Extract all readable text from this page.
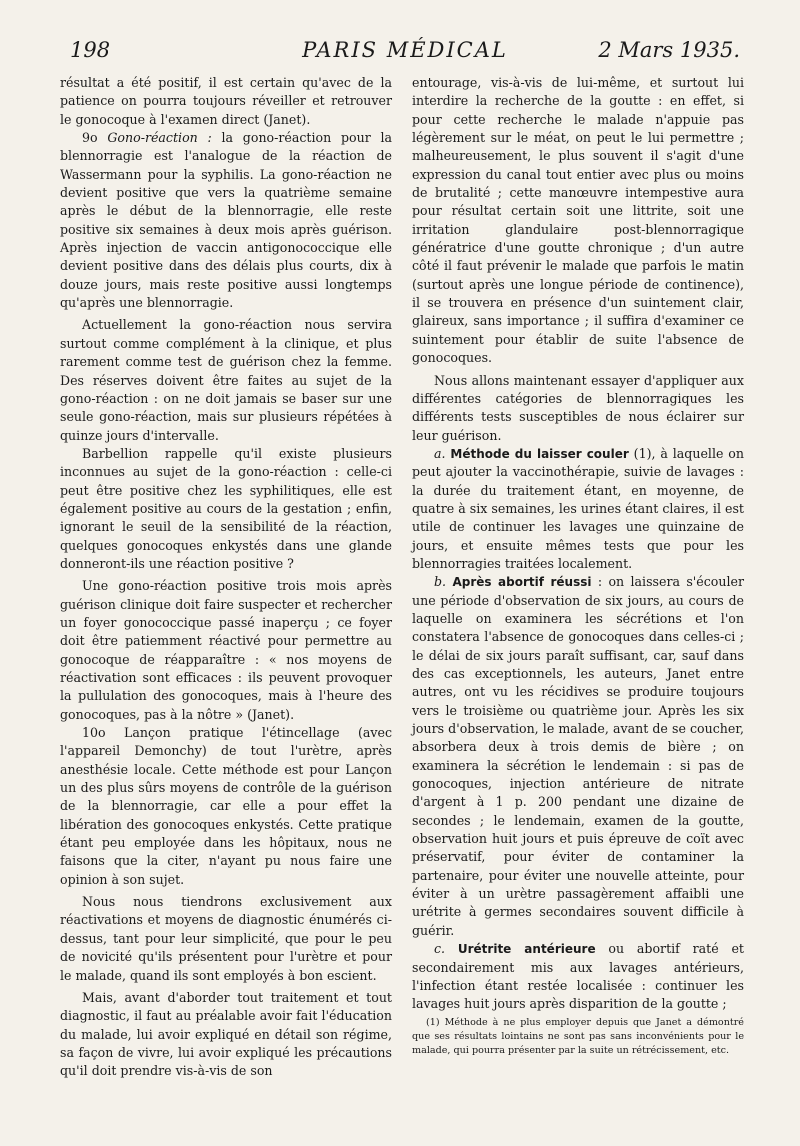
198	PARIS MÉDICAL	2 Mars 1935.

résultat a été positif, il est certain qu'avec de la patience on pourra toujours réveiller et retrouver le gonocoque à l'examen direct (Janet).

9o Gono-réaction : la gono-réaction pour la blennorragie est l'analogue de la réaction de Wassermann pour la syphilis. La gono-réaction ne devient positive que vers la quatrième semaine après le début de la blennorragie, elle reste positive six semaines à deux mois après guérison. Après injection de vaccin antigonococcique elle devient positive dans des délais plus courts, dix à douze jours, mais reste positive aussi longtemps qu'après une blennorragie.

Actuellement la gono-réaction nous servira surtout comme complément à la clinique, et plus rarement comme test de guérison chez la femme. Des réserves doivent être faites au sujet de la gono-réaction : on ne doit jamais se baser sur une seule gono-réaction, mais sur plusieurs répétées à quinze jours d'intervalle.

Barbellion rappelle qu'il existe plusieurs inconnues au sujet de la gono-réaction : celle-ci peut être positive chez les syphilitiques, elle est également positive au cours de la gestation ; enfin, ignorant le seuil de la sensibilité de la réaction, quelques gonocoques enkystés dans une glande donneront-ils une réaction positive ?

Une gono-réaction positive trois mois après guérison clinique doit faire suspecter et rechercher un foyer gonococcique passé inaperçu ; ce foyer doit être patiemment réactivé pour permettre au gonocoque de réapparaître : « nos moyens de réactivation sont efficaces : ils peuvent provoquer la pullulation des gonocoques, mais à l'heure des gonocoques, pas à la nôtre » (Janet).

10o Lançon pratique l'étincellage (avec l'appareil Demonchy) de tout l'urètre, après anesthésie locale. Cette méthode est pour Lançon un des plus sûrs moyens de contrôle de la guérison de la blennorragie, car elle a pour effet la libération des gonocoques enkystés. Cette pratique étant peu employée dans les hôpitaux, nous ne faisons que la citer, n'ayant pu nous faire une opinion à son sujet.

Nous nous tiendrons exclusivement aux réactivations et moyens de diagnostic énumérés ci-dessus, tant pour leur simplicité, que pour le peu de novicité qu'ils présentent pour l'urètre et pour le malade, quand ils sont employés à bon escient.

Mais, avant d'aborder tout traitement et tout diagnostic, il faut au préalable avoir fait l'éducation du malade, lui avoir expliqué en détail son régime, sa façon de vivre, lui avoir expliqué les précautions qu'il doit prendre vis-à-vis de son

entourage, vis-à-vis de lui-même, et surtout lui interdire la recherche de la goutte : en effet, si pour cette recherche le malade n'appuie pas légèrement sur le méat, on peut le lui permettre ; malheureusement, le plus souvent il s'agit d'une expression du canal tout entier avec plus ou moins de brutalité ; cette manœuvre intempestive aura pour résultat certain soit une littrite, soit une irritation glandulaire post-blennorragique génératrice d'une goutte chronique ; d'un autre côté il faut prévenir le malade que parfois le matin (surtout après une longue période de continence), il se trouvera en présence d'un suintement clair, glaireux, sans importance ; il suffira d'examiner ce suintement pour établir de suite l'absence de gonocoques.

Nous allons maintenant essayer d'appliquer aux différentes catégories de blennorragiques les différents tests susceptibles de nous éclairer sur leur guérison.

a. Méthode du laisser couler (1), à laquelle on peut ajouter la vaccinothérapie, suivie de lavages : la durée du traitement étant, en moyenne, de quatre à six semaines, les urines étant claires, il est utile de continuer les lavages une quinzaine de jours, et ensuite mêmes tests que pour les blennorragies traitées localement.

b. Après abortif réussi : on laissera s'écouler une période d'observation de six jours, au cours de laquelle on examinera les sécrétions et l'on constatera l'absence de gonocoques dans celles-ci ; le délai de six jours paraît suffisant, car, sauf dans des cas exceptionnels, les auteurs, Janet entre autres, ont vu les récidives se produire toujours vers le troisième ou quatrième jour. Après les six jours d'observation, le malade, avant de se coucher, absorbera deux à trois demis de bière ; on examinera la sécrétion le lendemain : si pas de gonocoques, injection antérieure de nitrate d'argent à 1 p. 200 pendant une dizaine de secondes ; le lendemain, examen de la goutte, observation huit jours et puis épreuve de coït avec préservatif, pour éviter de contaminer la partenaire, pour éviter une nouvelle atteinte, pour éviter à un urètre passagèrement affaibli une urétrite à germes secondaires souvent difficile à guérir.

c. Urétrite antérieure ou abortif raté et secondairement mis aux lavages antérieurs, l'infection étant restée localisée : continuer les lavages huit jours après disparition de la goutte ;

(1) Méthode à ne plus employer depuis que Janet a démontré que ses résultats lointains ne sont pas sans inconvénients pour le malade, qui pourra présenter par la suite un rétrécissement, etc.
